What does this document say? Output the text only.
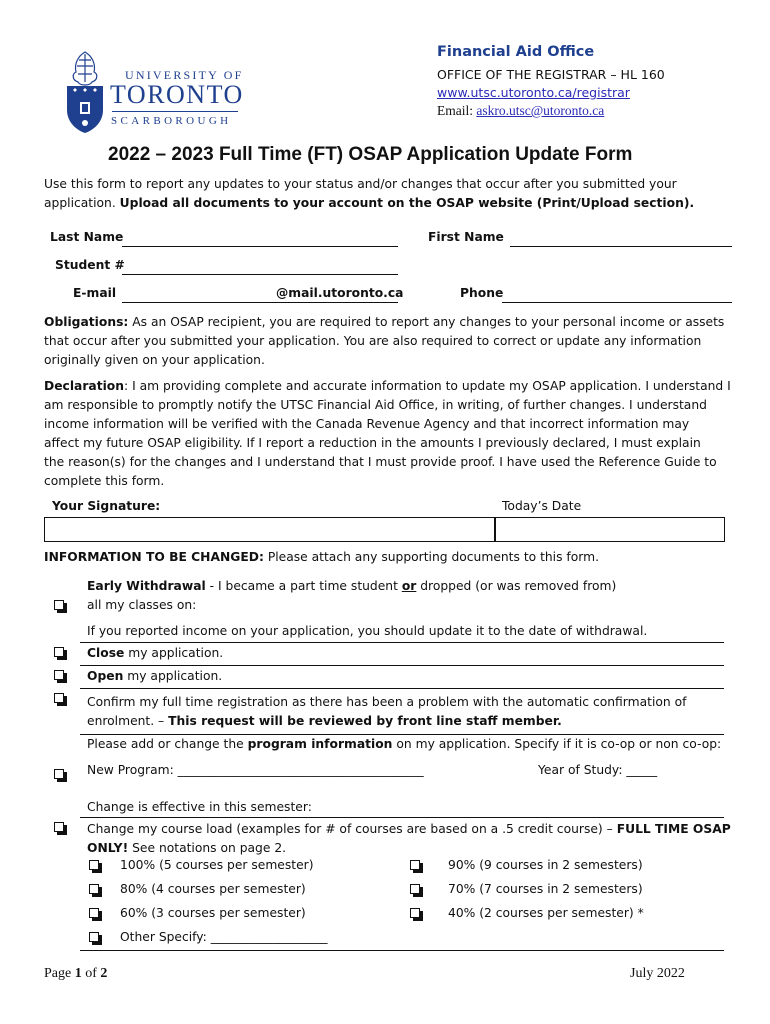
UNIVERSITY OF
TORONTO
SCARBOROUGH
Financial Aid Office
OFFICE OF THE REGISTRAR – HL 160
www.utsc.utoronto.ca/registrar
Email: askro.utsc@utoronto.ca
2022 – 2023 Full Time (FT) OSAP Application Update Form
Use this form to report any updates to your status and/or changes that occur after you submitted your
application. Upload all documents to your account on the OSAP website (Print/Upload section).
Last Name	First Name
Student #
E-mail	@mail.utoronto.ca	Phone
Obligations: As an OSAP recipient, you are required to report any changes to your personal income or assets
that occur after you submitted your application. You are also required to correct or update any information
originally given on your application.
Declaration: I am providing complete and accurate information to update my OSAP application. I understand I
am responsible to promptly notify the UTSC Financial Aid Office, in writing, of further changes. I understand
income information will be verified with the Canada Revenue Agency and that incorrect information may
affect my future OSAP eligibility. If I report a reduction in the amounts I previously declared, I must explain
the reason(s) for the changes and I understand that I must provide proof. I have used the Reference Guide to
complete this form.
Your Signature:	Today’s Date
INFORMATION TO BE CHANGED: Please attach any supporting documents to this form.
Early Withdrawal - I became a part time student or dropped (or was removed from)
all my classes on:
If you reported income on your application, you should update it to the date of withdrawal.
Close my application.
Open my application.
Confirm my full time registration as there has been a problem with the automatic confirmation of
enrolment. – This request will be reviewed by front line staff member.
Please add or change the program information on my application. Specify if it is co-op or non co-op:
New Program: ________________________________________	Year of Study: _____
Change is effective in this semester:
Change my course load (examples for # of courses are based on a .5 credit course) – FULL TIME OSAP
ONLY! See notations on page 2.
100% (5 courses per semester)	90% (9 courses in 2 semesters)
80% (4 courses per semester)	70% (7 courses in 2 semesters)
60% (3 courses per semester)	40% (2 courses per semester) *
Other Specify: ___________________
Page 1 of 2	July 2022
